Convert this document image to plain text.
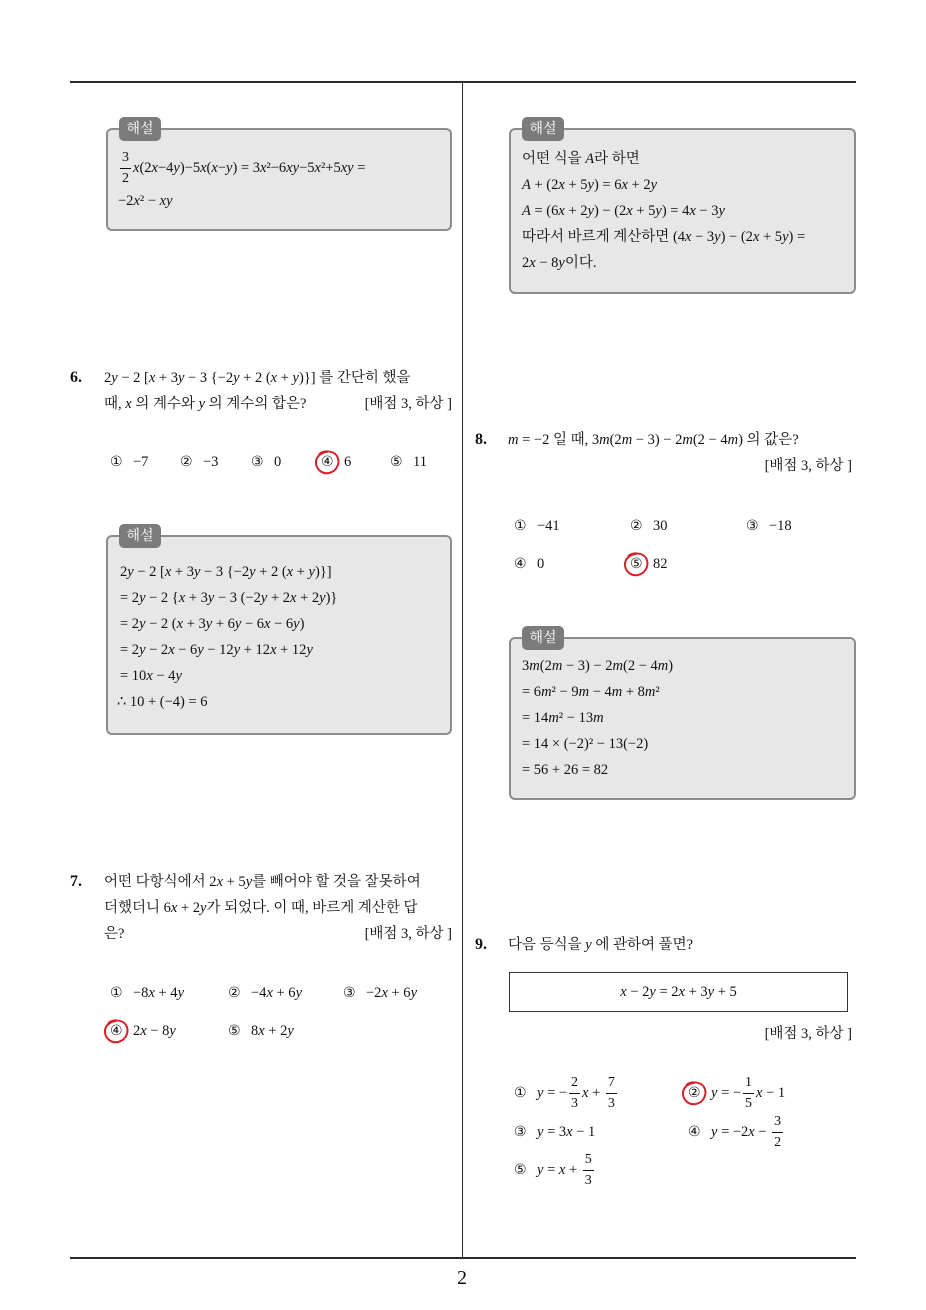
해설
$\frac{3}{2} x(2x-4y)-5x(x-y) = 3x^2-6xy-5x^2+5xy$ =
−2x² − xy
6. 2y − 2 [x + 3y − 3 {−2y + 2 (x + y)}] 를 간단히 했을
때, x 의 계수와 y 의 계수의 합은?	[배점 3, 하상 ]
① −7 ② −3 ③ 0	④ 6	⑤ 11
해설
2y − 2 [x + 3y − 3 {−2y + 2 (x + y)}]
= 2y − 2 {x + 3y − 3 (−2y + 2x + 2y)}
= 2y − 2 (x + 3y + 6y − 6x − 6y)
= 2y − 2x − 6y − 12y + 12x + 12y
= 10x − 4y
∴ 10 + (−4) = 6
7. 어떤 다항식에서 2x + 5y를 빼어야 할 것을 잘못하여
더했더니 6x + 2y가 되었다. 이 때, 바르게 계산한 답
은?	[배점 3, 하상 ]
① −8x + 4y	② −4x + 6y	③ −2x + 6y
④ 2x − 8y	⑤ 8x + 2y
해설
어떤 식을 A라 하면
A + (2x + 5y) = 6x + 2y
A = (6x + 2y) − (2x + 5y) = 4x − 3y
따라서 바르게 계산하면 (4x − 3y) − (2x + 5y) =
2x − 8y이다.
8. m = −2 일 때, 3m(2m − 3) − 2m(2 − 4m) 의 값은?
[배점 3, 하상 ]
① −41	② 30	③ −18
④ 0	⑤ 82
해설
3m(2m − 3) − 2m(2 − 4m)
= 6m² − 9m − 4m + 8m²
= 14m² − 13m
= 14 × (−2)² − 13(−2)
= 56 + 26 = 82
9. 다음 등식을 y 에 관하여 풀면?
x − 2y = 2x + 3y + 5
[배점 3, 하상 ]
① y = − $\frac{2}{3}$ $x + \frac{7}{3}$	② y = − $\frac{1}{5}$ x − 1
③ y = 3x − 1	④ $y = -2x - \frac{3}{2}$
⑤ $y = x + \frac{5}{3}$
2
